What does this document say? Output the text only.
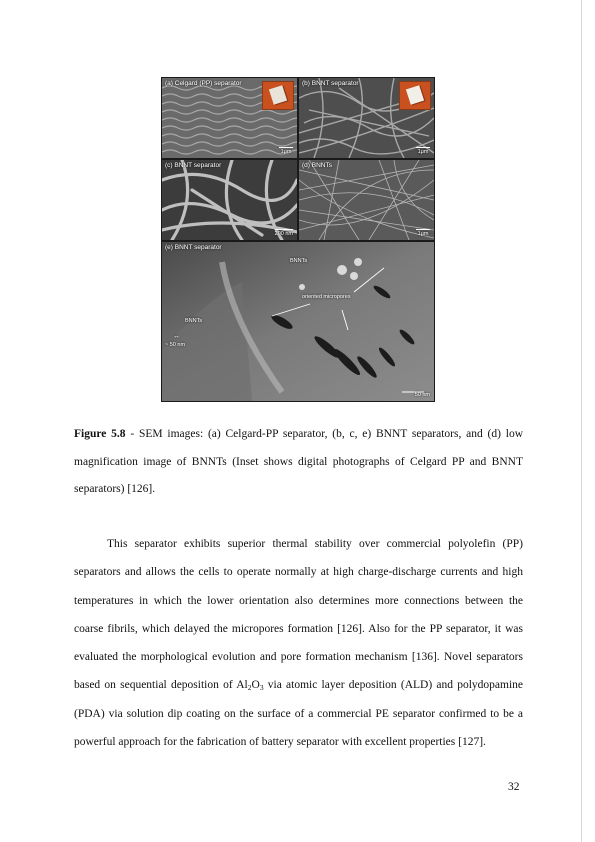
(a) Celgard (PP) separator
1μm
(b) BNNT separator
1μm
(c) BNNT separator
200 nm
(d) BNNTs
1μm
(e) BNNT separator
BNNTs
oriented micropores
BNNTs
↔
~ 50 nm
50 nm
Figure 5.8 - SEM images: (a) Celgard-PP separator, (b, c, e) BNNT separators, and (d) low magnification image of BNNTs (Inset shows digital photographs of Celgard PP and BNNT separators) [126].
This separator exhibits superior thermal stability over commercial polyolefin (PP) separators and allows the cells to operate normally at high charge-discharge currents and high temperatures in which the lower orientation also determines more connections between the coarse fibrils, which delayed the micropores formation [126]. Also for the PP separator, it was evaluated the morphological evolution and pore formation mechanism [136]. Novel separators based on sequential deposition of $Al_2O_3$ via atomic layer deposition (ALD) and polydopamine (PDA) via solution dip coating on the surface of a commercial PE separator confirmed to be a powerful approach for the fabrication of battery separator with excellent properties [127].
32
